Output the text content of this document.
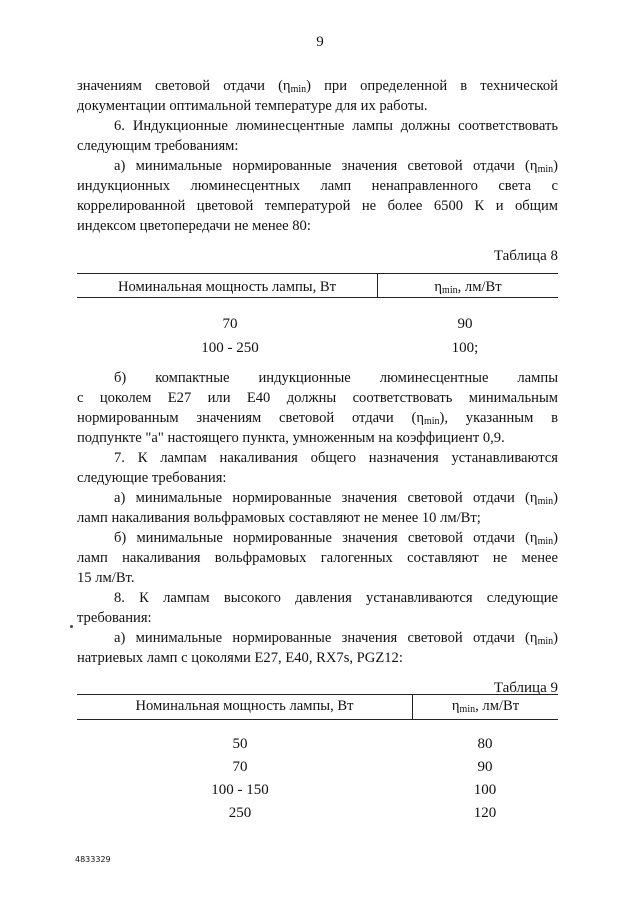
9
значениям световой отдачи $(\eta_{min})$ при определенной в технической
документации оптимальной температуре для их работы.
6. Индукционные люминесцентные лампы должны соответствовать
следующим требованиям:
а) минимальные нормированные значения световой отдачи $(\eta_{min})$
индукционных люминесцентных ламп ненаправленного света с
коррелированной цветовой температурой не более 6500 К и общим
индексом цветопередачи не менее 80:
Таблица 8
Номинальная мощность лампы, Вт	$\eta_{min}$, лм/Вт
70	90
100 - 250	100;
б) компактные индукционные люминесцентные лампы
с цоколем Е27 или Е40 должны соответствовать минимальным
нормированным значениям световой отдачи $(\eta_{min})$, указанным в
подпункте "а" настоящего пункта, умноженным на коэффициент 0,9.
7. К лампам накаливания общего назначения устанавливаются
следующие требования:
а) минимальные нормированные значения световой отдачи $(\eta_{min})$
ламп накаливания вольфрамовых составляют не менее 10 лм/Вт;
б) минимальные нормированные значения световой отдачи $(\eta_{min})$
ламп накаливания вольфрамовых галогенных составляют не менее
15 лм/Вт.
8. К лампам высокого давления устанавливаются следующие
требования:
а) минимальные нормированные значения световой отдачи $(\eta_{min})$
натриевых ламп с цоколями Е27, Е40, RX7s, PGZ12:
Таблица 9
Номинальная мощность лампы, Вт	$\eta_{min}$, лм/Вт
50	80
70	90
100 - 150	100
250	120
4833329
